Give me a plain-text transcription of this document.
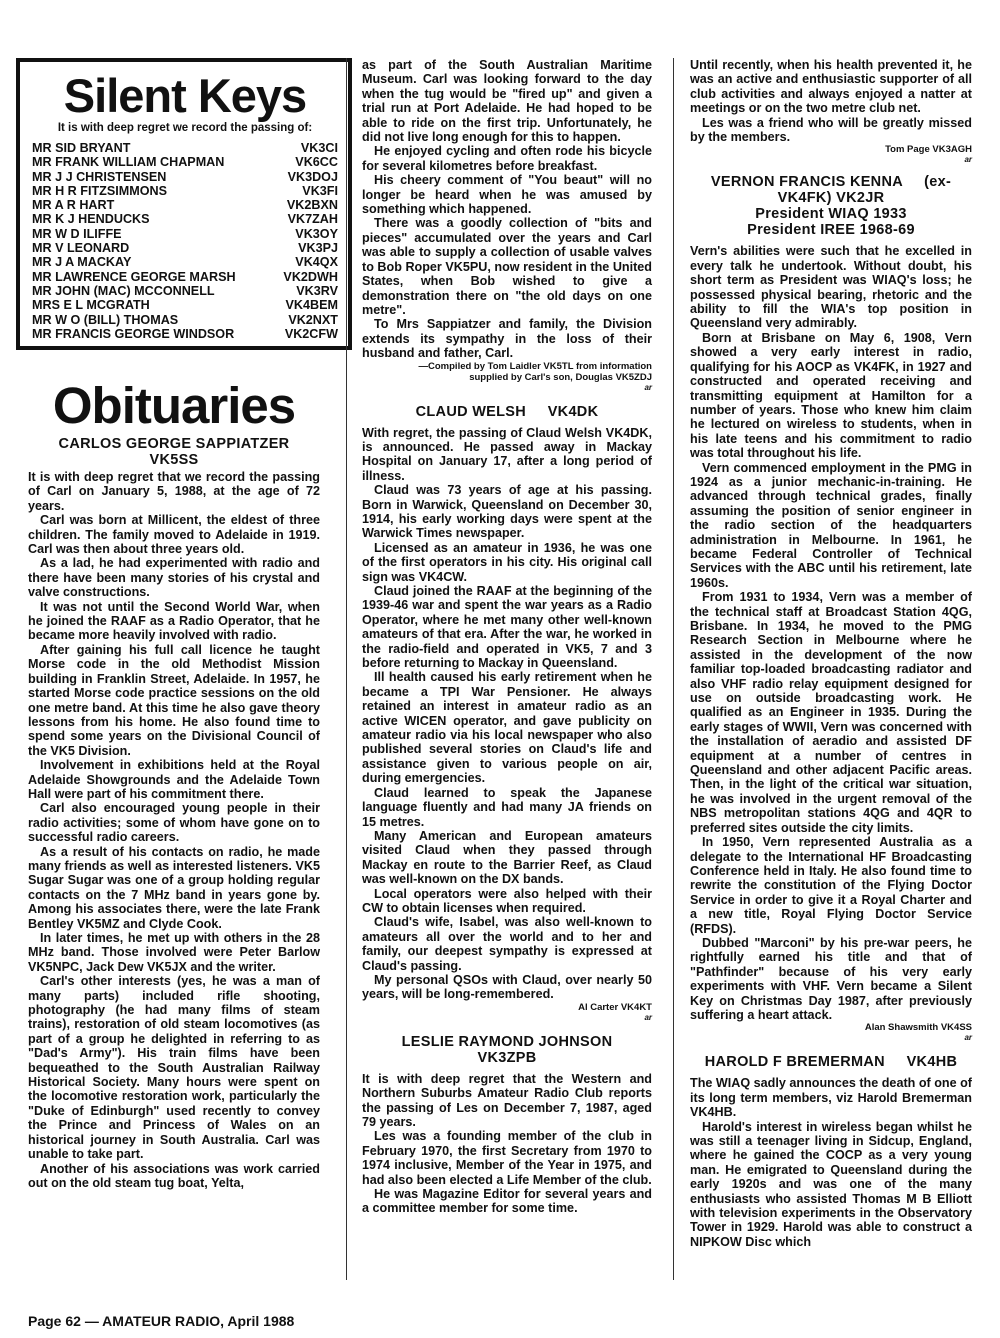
Silent Keys
It is with deep regret we record the passing of:
MR SID BRYANT	VK3CI
MR FRANK WILLIAM CHAPMAN	VK6CC
MR J J CHRISTENSEN	VK3DOJ
MR H R FITZSIMMONS	VK3FI
MR A R HART	VK2BXN
MR K J HENDUCKS	VK7ZAH
MR W D ILIFFE	VK3OY
MR V LEONARD	VK3PJ
MR J A MACKAY	VK4QX
MR LAWRENCE GEORGE MARSH	VK2DWH
MR JOHN (MAC) MCCONNELL	VK3RV
MRS E L MCGRATH	VK4BEM
MR W O (BILL) THOMAS	VK2NXT
MR FRANCIS GEORGE WINDSOR	VK2CFW
Obituaries
CARLOS GEORGE SAPPIATZER
VK5SS

It is with deep regret that we record the passing of Carl on January 5, 1988, at the age of 72 years.

Carl was born at Millicent, the eldest of three children. The family moved to Adelaide in 1919. Carl was then about three years old.

As a lad, he had experimented with radio and there have been many stories of his crystal and valve constructions.

It was not until the Second World War, when he joined the RAAF as a Radio Operator, that he became more heavily involved with radio.

After gaining his full call licence he taught Morse code in the old Methodist Mission building in Franklin Street, Adelaide. In 1957, he started Morse code practice sessions on the old one metre band. At this time he also gave theory lessons from his home. He also found time to spend some years on the Divisional Council of the VK5 Division.

Involvement in exhibitions held at the Royal Adelaide Showgrounds and the Adelaide Town Hall were part of his commitment there.

Carl also encouraged young people in their radio activities; some of whom have gone on to successful radio careers.

As a result of his contacts on radio, he made many friends as well as interested listeners. VK5 Sugar Sugar was one of a group holding regular contacts on the 7 MHz band in years gone by. Among his associates there, were the late Frank Bentley VK5MZ and Clyde Cook.

In later times, he met up with others in the 28 MHz band. Those involved were Peter Barlow VK5NPC, Jack Dew VK5JX and the writer.

Carl's other interests (yes, he was a man of many parts) included rifle shooting, photography (he had many films of steam trains), restoration of old steam locomotives (as part of a group he delighted in referring to as "Dad's Army"). His train films have been bequeathed to the South Australian Railway Historical Society. Many hours were spent on the locomotive restoration work, particularly the "Duke of Edinburgh" used recently to convey the Prince and Princess of Wales on an historical journey in South Australia. Carl was unable to take part.

Another of his associations was work carried out on the old steam tug boat, Yelta,

as part of the South Australian Maritime Museum. Carl was looking forward to the day when the tug would be "fired up" and given a trial run at Port Adelaide. He had hoped to be able to ride on the first trip. Unfortunately, he did not live long enough for this to happen.

He enjoyed cycling and often rode his bicycle for several kilometres before breakfast.

His cheery comment of "You beaut" will no longer be heard when he was amused by something which happened.

There was a goodly collection of "bits and pieces" accumulated over the years and Carl was able to supply a collection of usable valves to Bob Roper VK5PU, now resident in the United States, when Bob wished to give a demonstration there on "the old days on one metre".

To Mrs Sappiatzer and family, the Division extends its sympathy in the loss of their husband and father, Carl.

—Compiled by Tom Laidler VK5TL from information

supplied by Carl's son, Douglas VK5ZDJ

ar

CLAUD WELSH     VK4DK

With regret, the passing of Claud Welsh VK4DK, is announced. He passed away in Mackay Hospital on January 17, after a long period of illness.

Claud was 73 years of age at his passing. Born in Warwick, Queensland on December 30, 1914, his early working days were spent at the Warwick Times newspaper.

Licensed as an amateur in 1936, he was one of the first operators in his city. His original call sign was VK4CW.

Claud joined the RAAF at the beginning of the 1939-46 war and spent the war years as a Radio Operator, where he met many other well-known amateurs of that era. After the war, he worked in the radio-field and operated in VK5, 7 and 3 before returning to Mackay in Queensland.

Ill health caused his early retirement when he became a TPI War Pensioner. He always retained an interest in amateur radio as an active WICEN operator, and gave publicity on amateur radio via his local newspaper who also published several stories on Claud's life and assistance given to various people on air, during emergencies.

Claud learned to speak the Japanese language fluently and had many JA friends on 15 metres.

Many American and European amateurs visited Claud when they passed through Mackay en route to the Barrier Reef, as Claud was well-known on the DX bands.

Local operators were also helped with their CW to obtain licenses when required.

Claud's wife, Isabel, was also well-known to amateurs all over the world and to her and family, our deepest sympathy is expressed at Claud's passing.

My personal QSOs with Claud, over nearly 50 years, will be long-remembered.

Al Carter VK4KT

ar

LESLIE RAYMOND JOHNSON
VK3ZPB

It is with deep regret that the Western and Northern Suburbs Amateur Radio Club reports the passing of Les on December 7, 1987, aged 79 years.

Les was a founding member of the club in February 1970, the first Secretary from 1970 to 1974 inclusive, Member of the Year in 1975, and had also been elected a Life Member of the club.

He was Magazine Editor for several years and a committee member for some time.

Until recently, when his health prevented it, he was an active and enthusiastic supporter of all club activities and always enjoyed a natter at meetings or on the two metre club net.

Les was a friend who will be greatly missed by the members.

Tom Page VK3AGH

ar

VERNON FRANCIS KENNA     (ex-
VK4FK) VK2JR
President WIAQ 1933
President IREE 1968-69

Vern's abilities were such that he excelled in every talk he undertook. Without doubt, his short term as President was WIAQ's loss; he possessed physical bearing, rhetoric and the ability to fill the WIA's top position in Queensland very admirably.

Born at Brisbane on May 6, 1908, Vern showed a very early interest in radio, qualifying for his AOCP as VK4FK, in 1927 and constructed and operated receiving and transmitting equipment at Hamilton for a number of years. Those who knew him claim he lectured on wireless to students, when in his late teens and his commitment to radio was total throughout his life.

Vern commenced employment in the PMG in 1924 as a junior mechanic-in-training. He advanced through technical grades, finally assuming the position of senior engineer in the radio section of the headquarters administration in Melbourne. In 1961, he became Federal Controller of Technical Services with the ABC until his retirement, late 1960s.

From 1931 to 1934, Vern was a member of the technical staff at Broadcast Station 4QG, Brisbane. In 1934, he moved to the PMG Research Section in Melbourne where he assisted in the development of the now familiar top-loaded broadcasting radiator and also VHF radio relay equipment designed for use on outside broadcasting work. He qualified as an Engineer in 1935. During the early stages of WWII, Vern was concerned with the installation of aeradio and assisted DF equipment at a number of centres in Queensland and other adjacent Pacific areas. Then, in the light of the critical war situation, he was involved in the urgent removal of the NBS metropolitan stations 4QG and 4QR to preferred sites outside the city limits.

In 1950, Vern represented Australia as a delegate to the International HF Broadcasting Conference held in Italy. He also found time to rewrite the constitution of the Flying Doctor Service in order to give it a Royal Charter and a new title, Royal Flying Doctor Service (RFDS).

Dubbed "Marconi" by his pre-war peers, he rightfully earned his title and that of "Pathfinder" because of his very early experiments with VHF. Vern became a Silent Key on Christmas Day 1987, after previously suffering a heart attack.

Alan Shawsmith VK4SS

ar

HAROLD F BREMERMAN     VK4HB

The WIAQ sadly announces the death of one of its long term members, viz Harold Bremerman VK4HB.

Harold's interest in wireless began whilst he was still a teenager living in Sidcup, England, where he gained the COCP as a very young man. He emigrated to Queensland during the early 1920s and was one of the many enthusiasts who assisted Thomas M B Elliott with television experiments in the Observatory Tower in 1929. Harold was able to construct a NIPKOW Disc which

Page 62 — AMATEUR RADIO, April 1988
